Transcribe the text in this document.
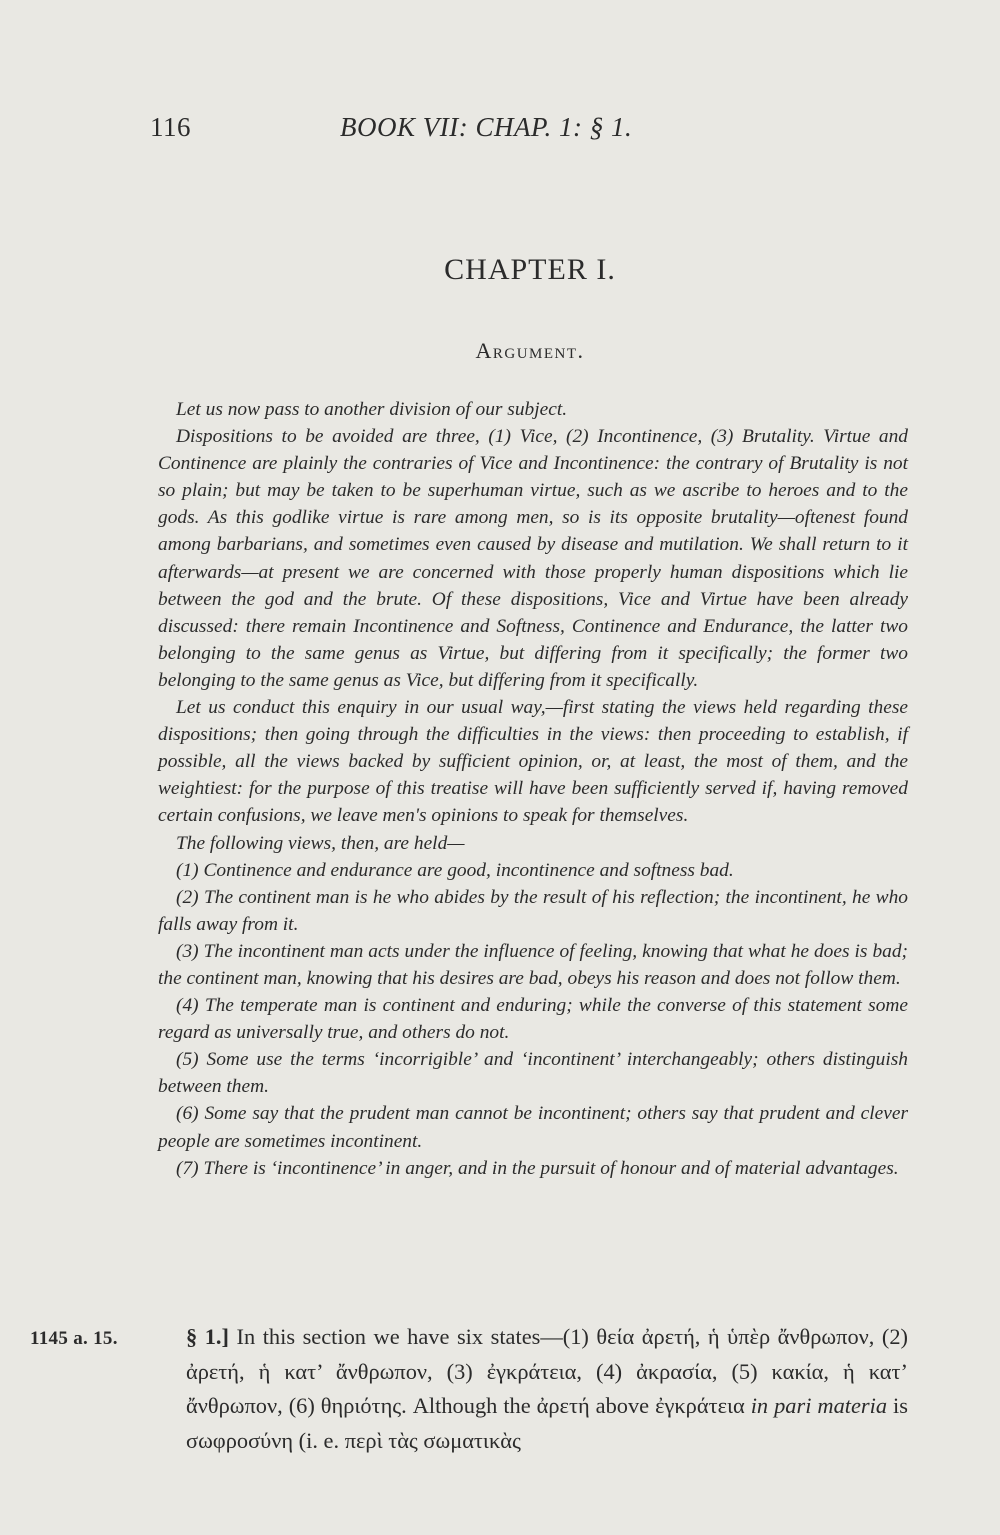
116	BOOK VII: CHAP. 1: § 1.
CHAPTER I.
Argument.

Let us now pass to another division of our subject.

Dispositions to be avoided are three, (1) Vice, (2) Incontinence, (3) Brutality. Virtue and Continence are plainly the contraries of Vice and Incontinence: the contrary of Brutality is not so plain; but may be taken to be superhuman virtue, such as we ascribe to heroes and to the gods. As this godlike virtue is rare among men, so is its opposite brutality—oftenest found among barbarians, and sometimes even caused by disease and mutilation. We shall return to it afterwards—at present we are concerned with those properly human dispositions which lie between the god and the brute. Of these dispositions, Vice and Virtue have been already discussed: there remain Incontinence and Softness, Continence and Endurance, the latter two belonging to the same genus as Virtue, but differing from it specifically; the former two belonging to the same genus as Vice, but differing from it specifically.

Let us conduct this enquiry in our usual way,—first stating the views held regarding these dispositions; then going through the difficulties in the views: then proceeding to establish, if possible, all the views backed by sufficient opinion, or, at least, the most of them, and the weightiest: for the purpose of this treatise will have been sufficiently served if, having removed certain confusions, we leave men's opinions to speak for themselves.

The following views, then, are held—

(1) Continence and endurance are good, incontinence and softness bad.

(2) The continent man is he who abides by the result of his reflection; the incontinent, he who falls away from it.

(3) The incontinent man acts under the influence of feeling, knowing that what he does is bad; the continent man, knowing that his desires are bad, obeys his reason and does not follow them.

(4) The temperate man is continent and enduring; while the converse of this statement some regard as universally true, and others do not.

(5) Some use the terms ‘incorrigible’ and ‘incontinent’ interchangeably; others distinguish between them.

(6) Some say that the prudent man cannot be incontinent; others say that prudent and clever people are sometimes incontinent.

(7) There is ‘incontinence’ in anger, and in the pursuit of honour and of material advantages.

1145 a. 15.	§ 1.] In this section we have six states—(1) θεία ἀρετή, ἡ ὑπὲρ ἄνθρωπον, (2) ἀρετή, ἡ κατ’ ἄνθρωπον, (3) ἐγκράτεια, (4) ἀκρασία, (5) κακία, ἡ κατ’ ἄνθρωπον, (6) θηριότης. Although the ἀρετή above ἐγκράτεια in pari materia is σωφροσύνη (i. e. περὶ τὰς σωματικὰς
